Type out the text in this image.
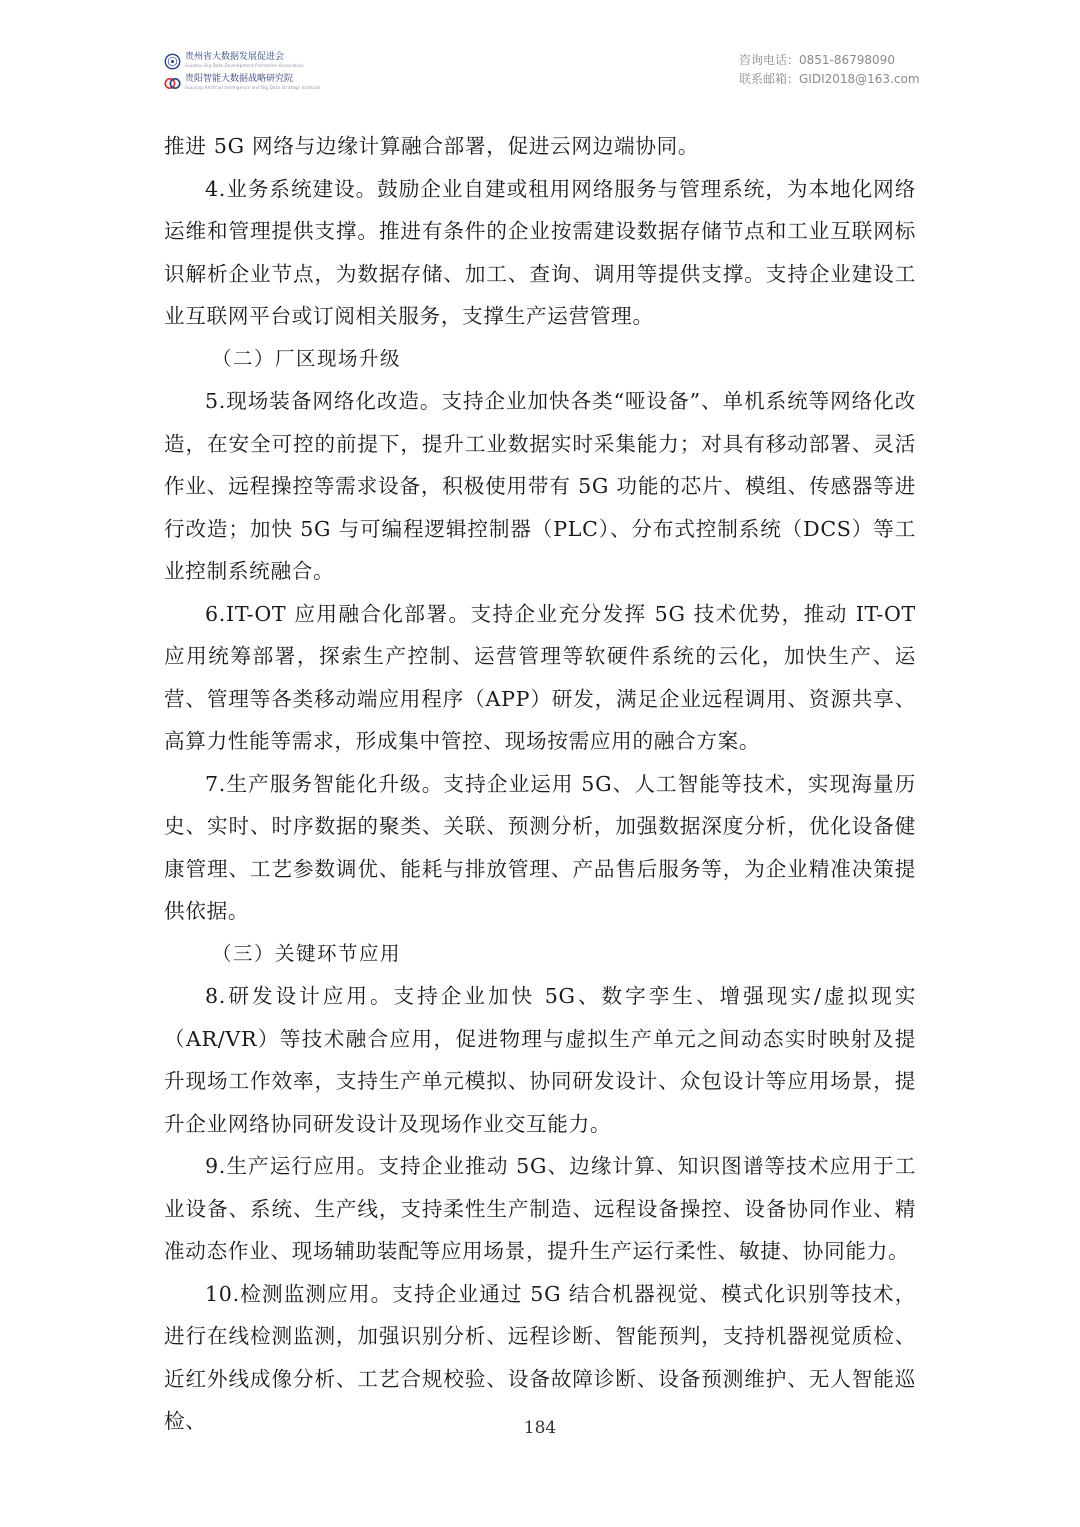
贵州省大数据发展促进会
Guizhou Big Data Development Promotion Association
贵阳智能大数据战略研究院
Guiyang Artificial Intelligence and Big Data Strategy Institute
咨询电话：0851-86798090
联系邮箱：GIDI2018@163.com

推进 5G 网络与边缘计算融合部署，促进云网边端协同。

4.业务系统建设。鼓励企业自建或租用网络服务与管理系统，为本地化网络运维和管理提供支撑。推进有条件的企业按需建设数据存储节点和工业互联网标识解析企业节点，为数据存储、加工、查询、调用等提供支撑。支持企业建设工业互联网平台或订阅相关服务，支撑生产运营管理。

（二）厂区现场升级

5.现场装备网络化改造。支持企业加快各类“哑设备”、单机系统等网络化改造，在安全可控的前提下，提升工业数据实时采集能力；对具有移动部署、灵活作业、远程操控等需求设备，积极使用带有 5G 功能的芯片、模组、传感器等进行改造；加快 5G 与可编程逻辑控制器（PLC）、分布式控制系统（DCS）等工业控制系统融合。

6.IT-OT 应用融合化部署。支持企业充分发挥 5G 技术优势，推动 IT-OT 应用统筹部署，探索生产控制、运营管理等软硬件系统的云化，加快生产、运营、管理等各类移动端应用程序（APP）研发，满足企业远程调用、资源共享、高算力性能等需求，形成集中管控、现场按需应用的融合方案。

7.生产服务智能化升级。支持企业运用 5G、人工智能等技术，实现海量历史、实时、时序数据的聚类、关联、预测分析，加强数据深度分析，优化设备健康管理、工艺参数调优、能耗与排放管理、产品售后服务等，为企业精准决策提供依据。

（三）关键环节应用

8.研发设计应用。支持企业加快 5G、数字孪生、增强现实/虚拟现实（AR/VR）等技术融合应用，促进物理与虚拟生产单元之间动态实时映射及提升现场工作效率，支持生产单元模拟、协同研发设计、众包设计等应用场景，提升企业网络协同研发设计及现场作业交互能力。

9.生产运行应用。支持企业推动 5G、边缘计算、知识图谱等技术应用于工业设备、系统、生产线，支持柔性生产制造、远程设备操控、设备协同作业、精准动态作业、现场辅助装配等应用场景，提升生产运行柔性、敏捷、协同能力。

10.检测监测应用。支持企业通过 5G 结合机器视觉、模式化识别等技术，进行在线检测监测，加强识别分析、远程诊断、智能预判，支持机器视觉质检、近红外线成像分析、工艺合规校验、设备故障诊断、设备预测维护、无人智能巡检、	184
